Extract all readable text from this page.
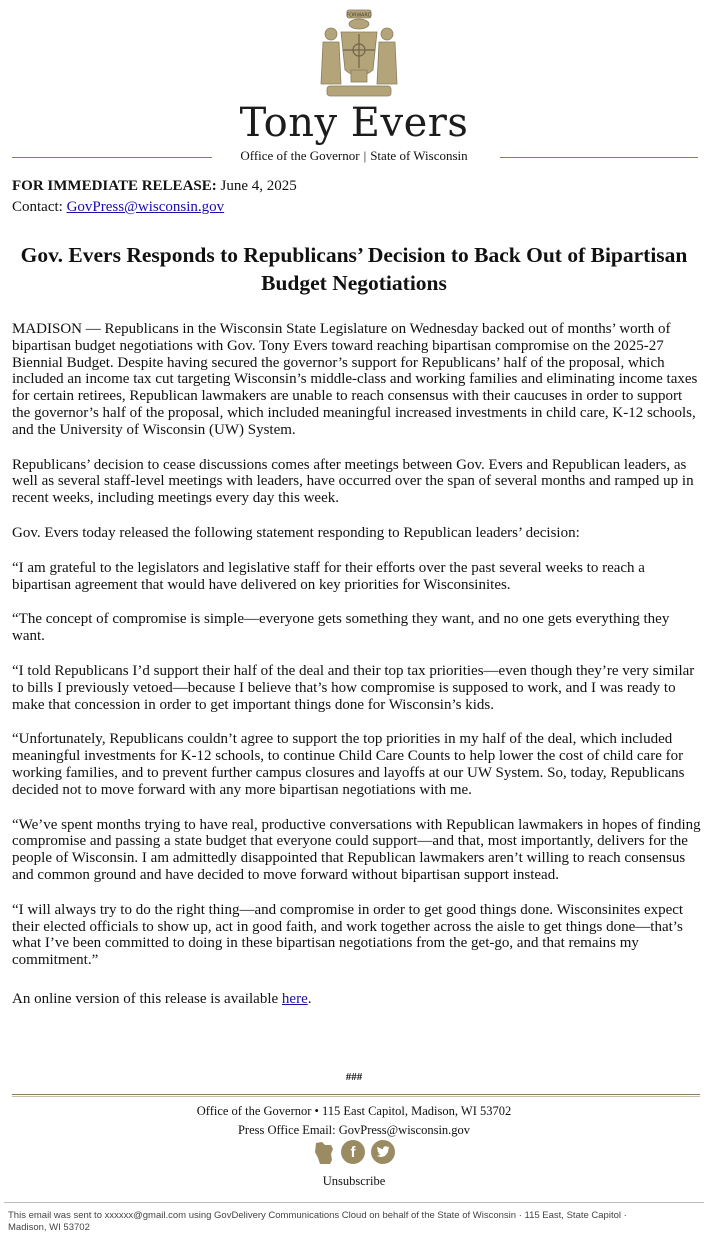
FORWARD
Tony Evers
Office of the Governor | State of Wisconsin
FOR IMMEDIATE RELEASE: June 4, 2025
Contact: GovPress@wisconsin.gov
Gov. Evers Responds to Republicans’ Decision to Back Out of Bipartisan Budget Negotiations

MADISON — Republicans in the Wisconsin State Legislature on Wednesday backed out of months’ worth of bipartisan budget negotiations with Gov. Tony Evers toward reaching bipartisan compromise on the 2025-27 Biennial Budget. Despite having secured the governor’s support for Republicans’ half of the proposal, which included an income tax cut targeting Wisconsin’s middle-class and working families and eliminating income taxes for certain retirees, Republican lawmakers are unable to reach consensus with their caucuses in order to support the governor’s half of the proposal, which included meaningful increased investments in child care, K-12 schools, and the University of Wisconsin (UW) System.

Republicans’ decision to cease discussions comes after meetings between Gov. Evers and Republican leaders, as well as several staff-level meetings with leaders, have occurred over the span of several months and ramped up in recent weeks, including meetings every day this week.

Gov. Evers today released the following statement responding to Republican leaders’ decision:

“I am grateful to the legislators and legislative staff for their efforts over the past several weeks to reach a bipartisan agreement that would have delivered on key priorities for Wisconsinites.

“The concept of compromise is simple—everyone gets something they want, and no one gets everything they want.

“I told Republicans I’d support their half of the deal and their top tax priorities—even though they’re very similar to bills I previously vetoed—because I believe that’s how compromise is supposed to work, and I was ready to make that concession in order to get important things done for Wisconsin’s kids.

“Unfortunately, Republicans couldn’t agree to support the top priorities in my half of the deal, which included meaningful investments for K-12 schools, to continue Child Care Counts to help lower the cost of child care for working families, and to prevent further campus closures and layoffs at our UW System. So, today, Republicans decided not to move forward with any more bipartisan negotiations with me.

“We’ve spent months trying to have real, productive conversations with Republican lawmakers in hopes of finding compromise and passing a state budget that everyone could support—and that, most importantly, delivers for the people of Wisconsin. I am admittedly disappointed that Republican lawmakers aren’t willing to reach consensus and common ground and have decided to move forward without bipartisan support instead.

“I will always try to do the right thing—and compromise in order to get good things done. Wisconsinites expect their elected officials to show up, act in good faith, and work together across the aisle to get things done—that’s what I’ve been committed to doing in these bipartisan negotiations from the get-go, and that remains my commitment.”

An online version of this release is available here.

###
Office of the Governor • 115 East Capitol, Madison, WI 53702
Press Office Email: GovPress@wisconsin.gov
f
Unsubscribe
This email was sent to xxxxxx@gmail.com using GovDelivery Communications Cloud on behalf of the State of Wisconsin · 115 East, State Capitol · Madison, WI 53702
